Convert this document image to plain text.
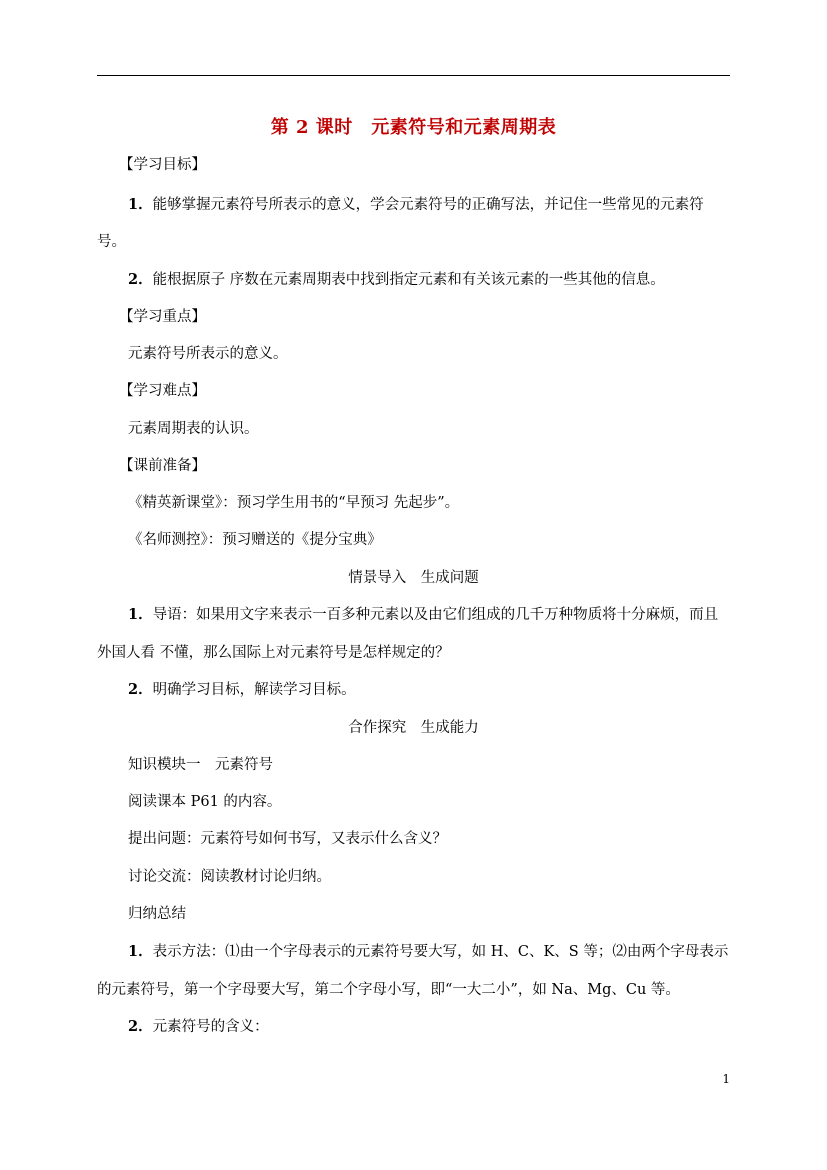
第 2 课时　元素符号和元素周期表
【学习目标】
1．能够掌握元素符号所表示的意义，学会元素符号的正确写法，并记住一些常见的元素符
号。
2．能根据原子 序数在元素周期表中找到指定元素和有关该元素的一些其他的信息。
【学习重点】
元素符号所表示的意义。
【学习难点】
元素周期表的认识。
【课前准备】
《精英新课堂》：预习学生用书的“早预习 先起步”。
《名师测控》：预习赠送的《提分宝典》
情景导入　生成问题
1．导语：如果用文字来表示一百多种元素以及由它们组成的几千万种物质将十分麻烦，而且
外国人看 不懂，那么国际上对元素符号是怎样规定的？
2．明确学习目标，解读学习目标。
合作探究　生成能力
知识模块一　元素符号
阅读课本 P61 的内容。
提出问题：元素符号如何书写，又表示什么含义？
讨论交流：阅读教材讨论归纳。
归纳总结
1．表示方法：⑴由一个字母表示的元素符号要大写，如 H、C、K、S 等；⑵由两个字母表示
的元素符号，第一个字母要大写，第二个字母小写，即“一大二小”，如 Na、Mg、Cu 等。
2．元素符号的含义：
1
